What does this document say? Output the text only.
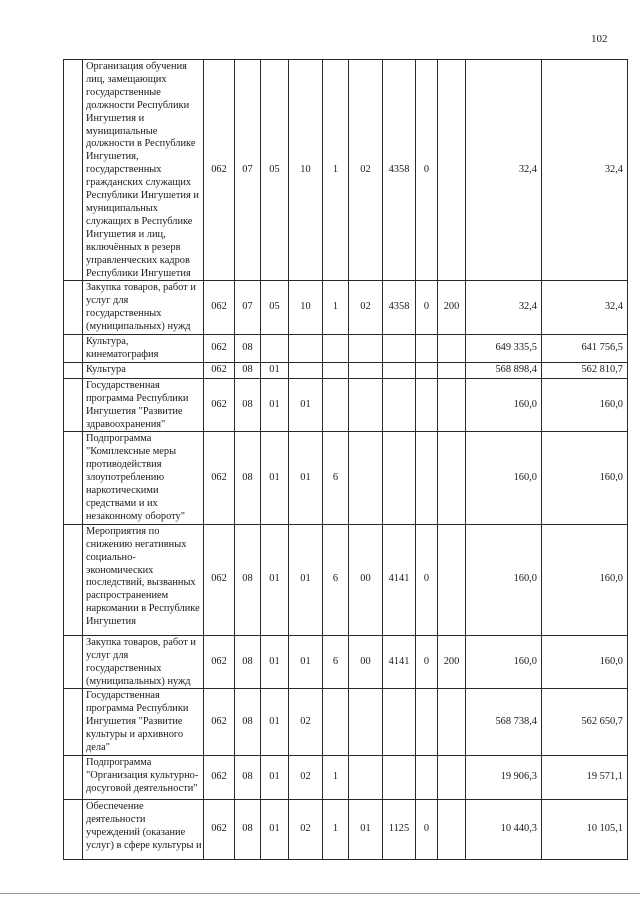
102
	Организация обучения лиц, замещающих государственные должности Республики Ингушетия и муниципальные должности в Республике Ингушетия, государственных гражданских служащих Республики Ингушетия и муниципальных служащих в Республике Ингушетия и лиц, включённых в резерв управленческих кадров Республики Ингушетия	062	07	05	10	1	02	4358	0		32,4	32,4
	Закупка товаров, работ и услуг для государственных (муниципальных) нужд	062	07	05	10	1	02	4358	0	200	32,4	32,4
	Культура, кинематография	062	08								649 335,5	641 756,5
	Культура	062	08	01							568 898,4	562 810,7
	Государственная программа Республики Ингушетия "Развитие здравоохранения"	062	08	01	01						160,0	160,0
	Подпрограмма "Комплексные меры противодействия злоупотреблению наркотическими средствами и их незаконному обороту"	062	08	01	01	6					160,0	160,0
	Мероприятия по снижению негативных социально-экономических последствий, вызванных распространением наркомании в Республике Ингушетия	062	08	01	01	6	00	4141	0		160,0	160,0
	Закупка товаров, работ и услуг для государственных (муниципальных) нужд	062	08	01	01	6	00	4141	0	200	160,0	160,0
	Государственная программа Республики Ингушетия "Развитие культуры и архивного дела"	062	08	01	02						568 738,4	562 650,7
	Подпрограмма "Организация культурно-досуговой деятельности"	062	08	01	02	1					19 906,3	19 571,1
	Обеспечение деятельности учреждений (оказание услуг) в сфере культуры и	062	08	01	02	1	01	1125	0		10 440,3	10 105,1
